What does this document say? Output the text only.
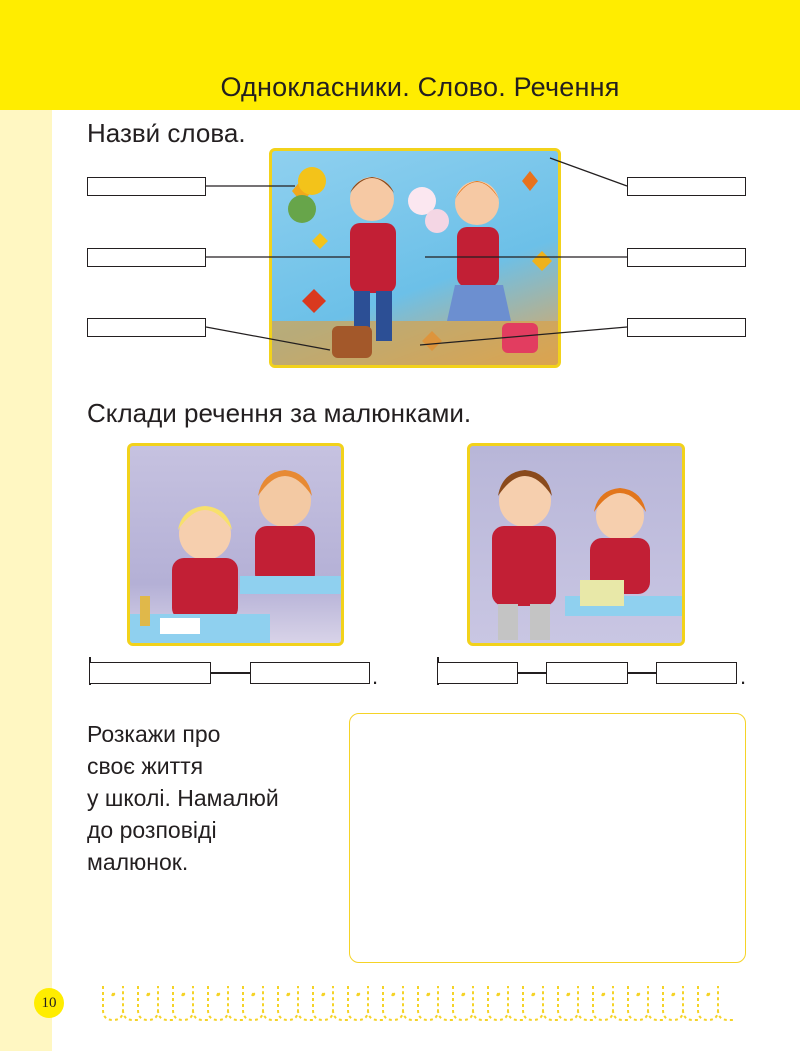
Однокласники. Слово. Речення
Назви́ слова.
Склади речення за малюнками.
.	.
Розкажи про
своє життя
у школі. Намалюй
до розповіді
малюнок.
10
